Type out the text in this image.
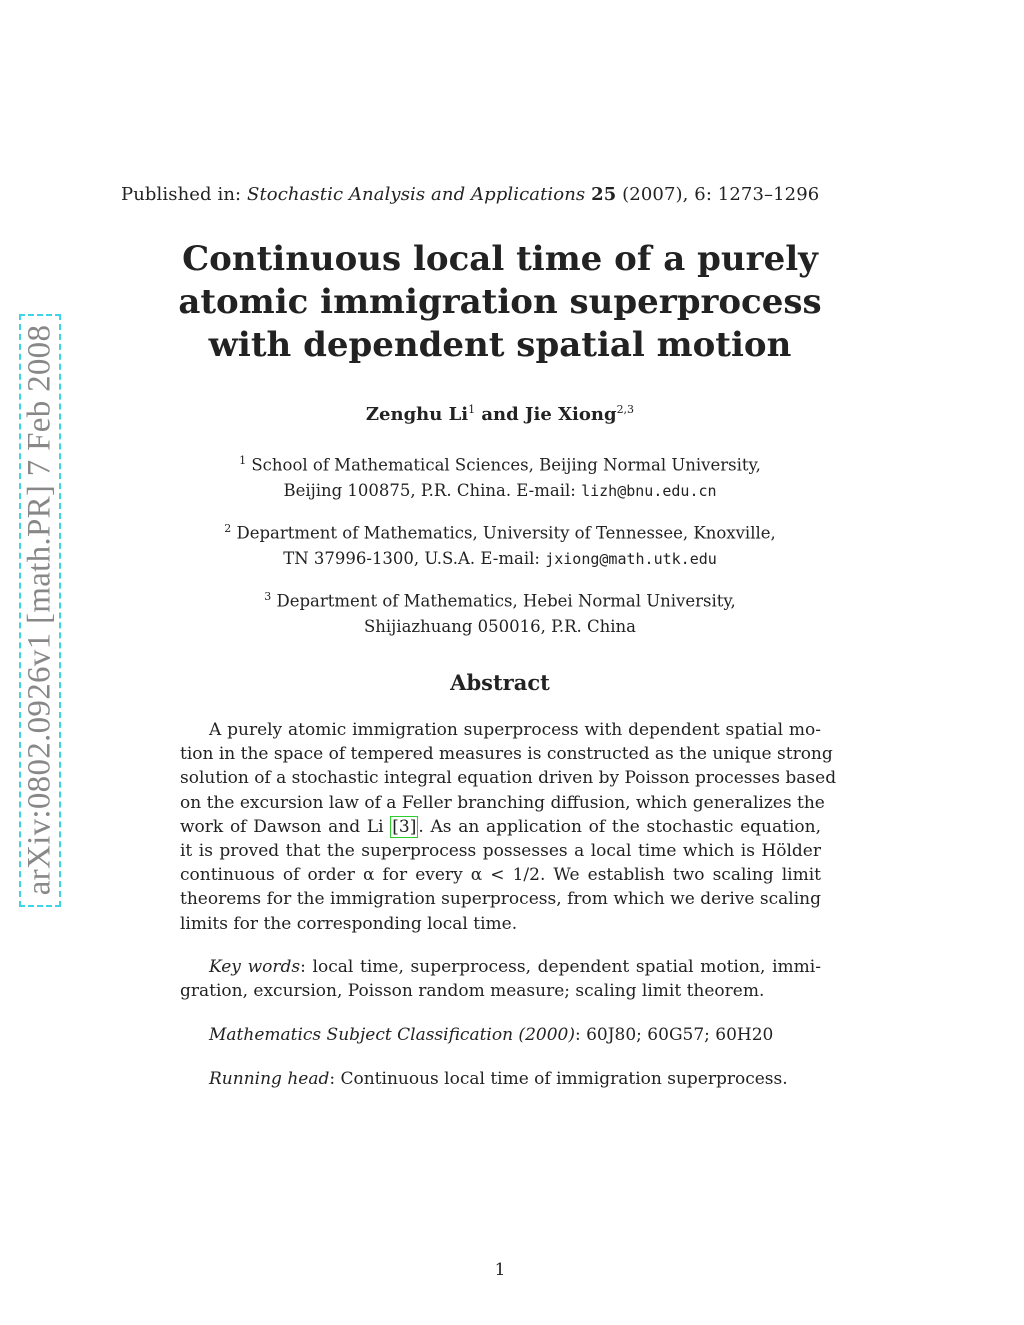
Published in: Stochastic Analysis and Applications 25 (2007), 6: 1273–1296
arXiv:0802.0926v1 [math.PR] 7 Feb 2008
Continuous local time of a purely
atomic immigration superprocess
with dependent spatial motion
Zenghu Li$^1$ and Jie Xiong$^{2,3}$
$^1$ School of Mathematical Sciences, Beijing Normal University,
Beijing 100875, P.R. China. E-mail: lizh@bnu.edu.cn
$^2$ Department of Mathematics, University of Tennessee, Knoxville,
TN 37996-1300, U.S.A. E-mail: jxiong@math.utk.edu
$^3$ Department of Mathematics, Hebei Normal University,
Shijiazhuang 050016, P.R. China
Abstract
A purely atomic immigration superprocess with dependent spatial mo-
tion in the space of tempered measures is constructed as the unique strong
solution of a stochastic integral equation driven by Poisson processes based
on the excursion law of a Feller branching diffusion, which generalizes the
work of Dawson and Li [3] . As an application of the stochastic equation,
it is proved that the superprocess possesses a local time which is Hölder
continuous of order α for every α < 1/2. We establish two scaling limit
theorems for the immigration superprocess, from which we derive scaling
limits for the corresponding local time.
Key words: local time, superprocess, dependent spatial motion, immi-
gration, excursion, Poisson random measure; scaling limit theorem.
Mathematics Subject Classification (2000): 60J80; 60G57; 60H20
Running head: Continuous local time of immigration superprocess.
1
